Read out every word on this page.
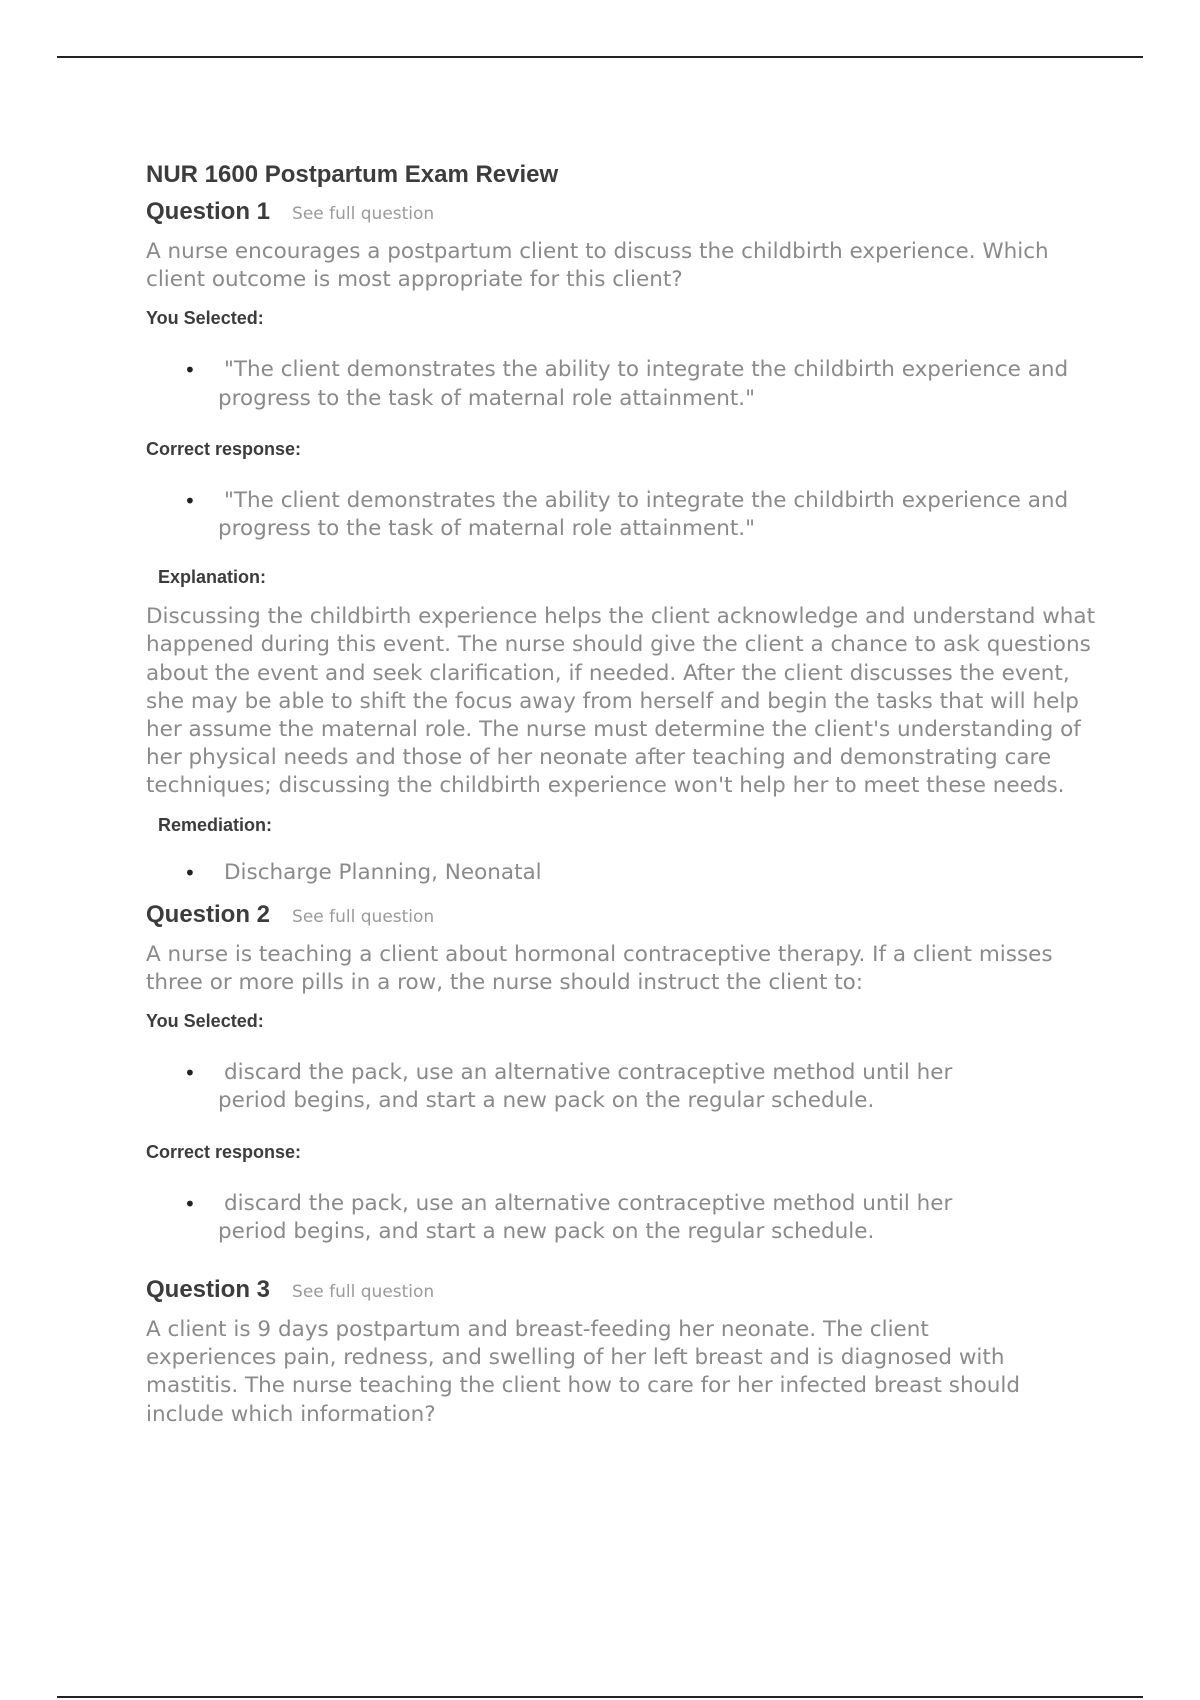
NUR 1600 Postpartum Exam Review
Question 1 See full question

A nurse encourages a postpartum client to discuss the childbirth experience. Which client outcome is most appropriate for this client?

You Selected:

• "The client demonstrates the ability to integrate the childbirth experience and progress to the task of maternal role attainment."

Correct response:

• "The client demonstrates the ability to integrate the childbirth experience and progress to the task of maternal role attainment."

Explanation:

Discussing the childbirth experience helps the client acknowledge and understand what happened during this event. The nurse should give the client a chance to ask questions about the event and seek clarification, if needed. After the client discusses the event, she may be able to shift the focus away from herself and begin the tasks that will help her assume the maternal role. The nurse must determine the client's understanding of her physical needs and those of her neonate after teaching and demonstrating care techniques; discussing the childbirth experience won't help her to meet these needs.

Remediation:

• Discharge Planning, Neonatal
Question 2 See full question

A nurse is teaching a client about hormonal contraceptive therapy. If a client misses three or more pills in a row, the nurse should instruct the client to:

You Selected:

• discard the pack, use an alternative contraceptive method until her period begins, and start a new pack on the regular schedule.

Correct response:

• discard the pack, use an alternative contraceptive method until her period begins, and start a new pack on the regular schedule.
Question 3 See full question

A client is 9 days postpartum and breast-feeding her neonate. The client experiences pain, redness, and swelling of her left breast and is diagnosed with mastitis. The nurse teaching the client how to care for her infected breast should include which information?
